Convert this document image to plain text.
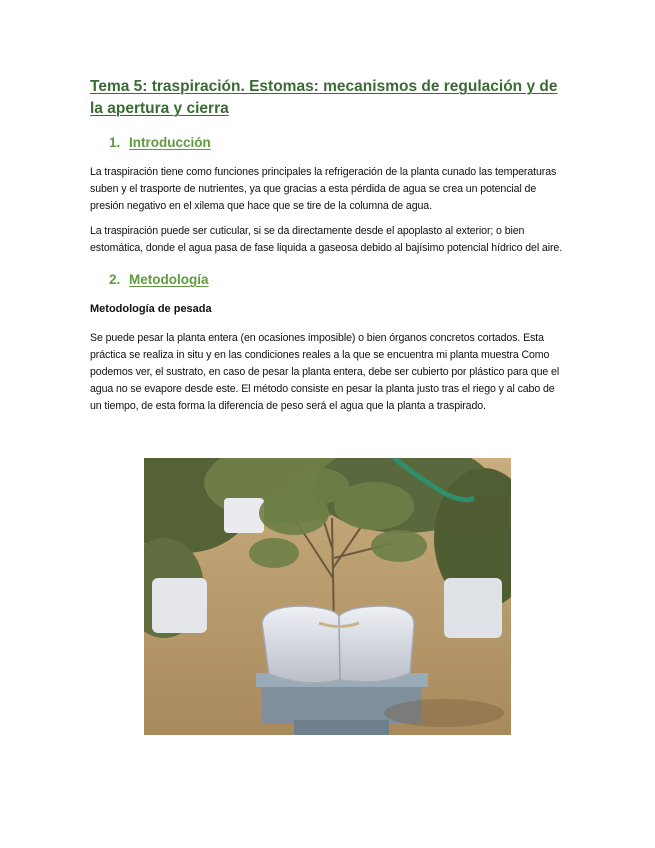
Tema 5: traspiración. Estomas: mecanismos de regulación y de la apertura y cierra
1. Introducción

La traspiración tiene como funciones principales la refrigeración de la planta cunado las temperaturas suben y el trasporte de nutrientes, ya que gracias a esta pérdida de agua se crea un potencial de presión negativo en el xilema que hace que se tire de la columna de agua.

La traspiración puede ser cuticular, si se da directamente desde el apoplasto al exterior; o bien estomática, donde el agua pasa de fase liquida a gaseosa debido al bajísimo potencial hídrico del aire.

2. Metodología
Metodología de pesada

Se puede pesar la planta entera (en ocasiones imposible) o bien órganos concretos cortados. Esta práctica se realiza in situ y en las condiciones reales a la que se encuentra mi planta muestra Como podemos ver, el sustrato, en caso de pesar la planta entera, debe ser cubierto por plástico para que el agua no se evapore desde este. El método consiste en pesar la planta justo tras el riego y al cabo de un tiempo, de esta forma la diferencia de peso será el agua que la planta a traspirado.
